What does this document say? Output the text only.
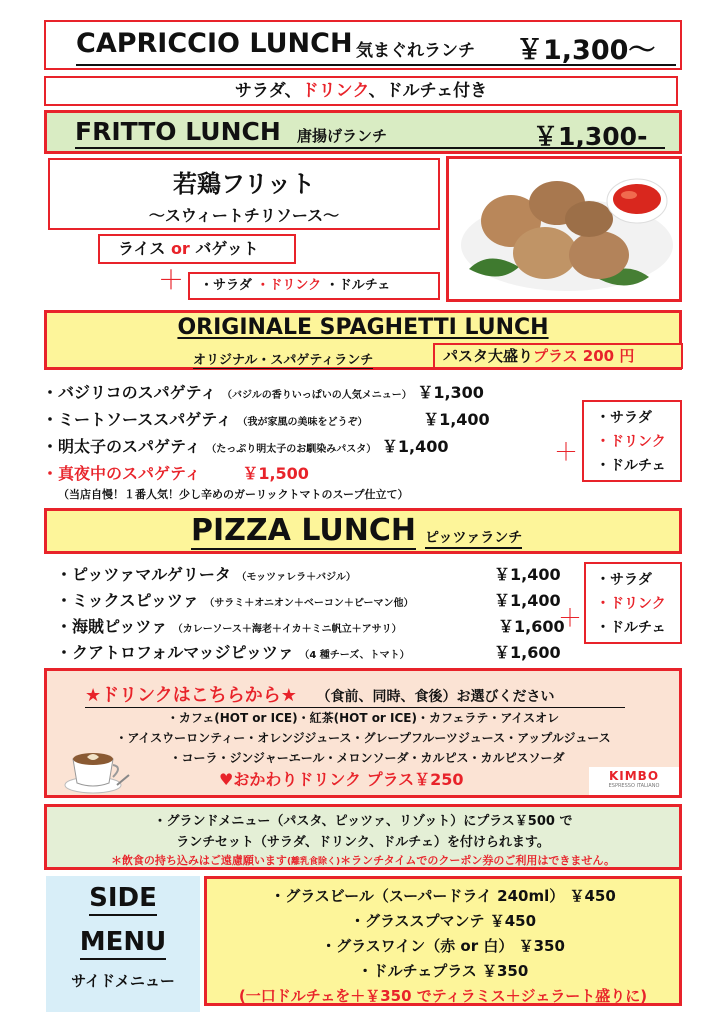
CAPRICCIO LUNCH 気まぐれランチ ￥1,300〜
サラダ、ドリンク、ドルチェ付き
FRITTO LUNCH 唐揚げランチ	￥1,300-
若鶏フリット
〜スウィートチリソース〜
ライス or バゲット
＋	・サラダ ・ドリンク ・ドルチェ
ORIGINALE SPAGHETTI LUNCH
オリジナル・スパゲティランチ	パスタ大盛りプラス 200 円
・バジリコのスパゲティ （バジルの香りいっぱいの人気メニュー） ￥1,300
・ミートソーススパゲティ （我が家風の美味をどうぞ）	￥1,400
・明太子のスパゲティ （たっぷり明太子のお馴染みパスタ） ￥1,400
・真夜中のスパゲティ	￥1,500
（当店自慢！１番人気！少し辛めのガーリックトマトのスープ仕立て）
＋
・サラダ
・ドリンク
・ドルチェ
PIZZA LUNCH ピッツァランチ
・ピッツァマルゲリータ （モッツァレラ＋バジル）	￥1,400
・ミックスピッツァ （サラミ＋オニオン＋ベーコン＋ピーマン他）	￥1,400
・海賊ピッツァ （カレーソース＋海老＋イカ＋ミニ帆立＋アサリ）	￥1,600
・クアトロフォルマッジピッツァ （4 種チーズ、トマト）	￥1,600
＋
・サラダ
・ドリンク
・ドルチェ
★ドリンクはこちらから★ （食前、同時、食後）お選びください
・カフェ(HOT or ICE)・紅茶(HOT or ICE)・カフェラテ・アイスオレ
・アイスウーロンティー・オレンジジュース・グレープフルーツジュース・アップルジュース
・コーラ・ジンジャーエール・メロンソーダ・カルピス・カルピスソーダ
♥おかわりドリンク プラス￥250	KIMBO
ESPRESSO ITALIANO
・グランドメニュー（パスタ、ピッツァ、リゾット）にプラス￥500 で
ランチセット（サラダ、ドリンク、ドルチェ）を付けられます。
＊飲食の持ち込みはご遠慮願います(離乳食除く)＊ランチタイムでのクーポン券のご利用はできません。
SIDE
MENU
サイドメニュー
・グラスビール（スーパードライ 240ml） ￥450
・グラススプマンテ ￥450
・グラスワイン（赤 or 白） ￥350
・ドルチェプラス ￥350
(一口ドルチェを＋￥350 でティラミス＋ジェラート盛りに)
